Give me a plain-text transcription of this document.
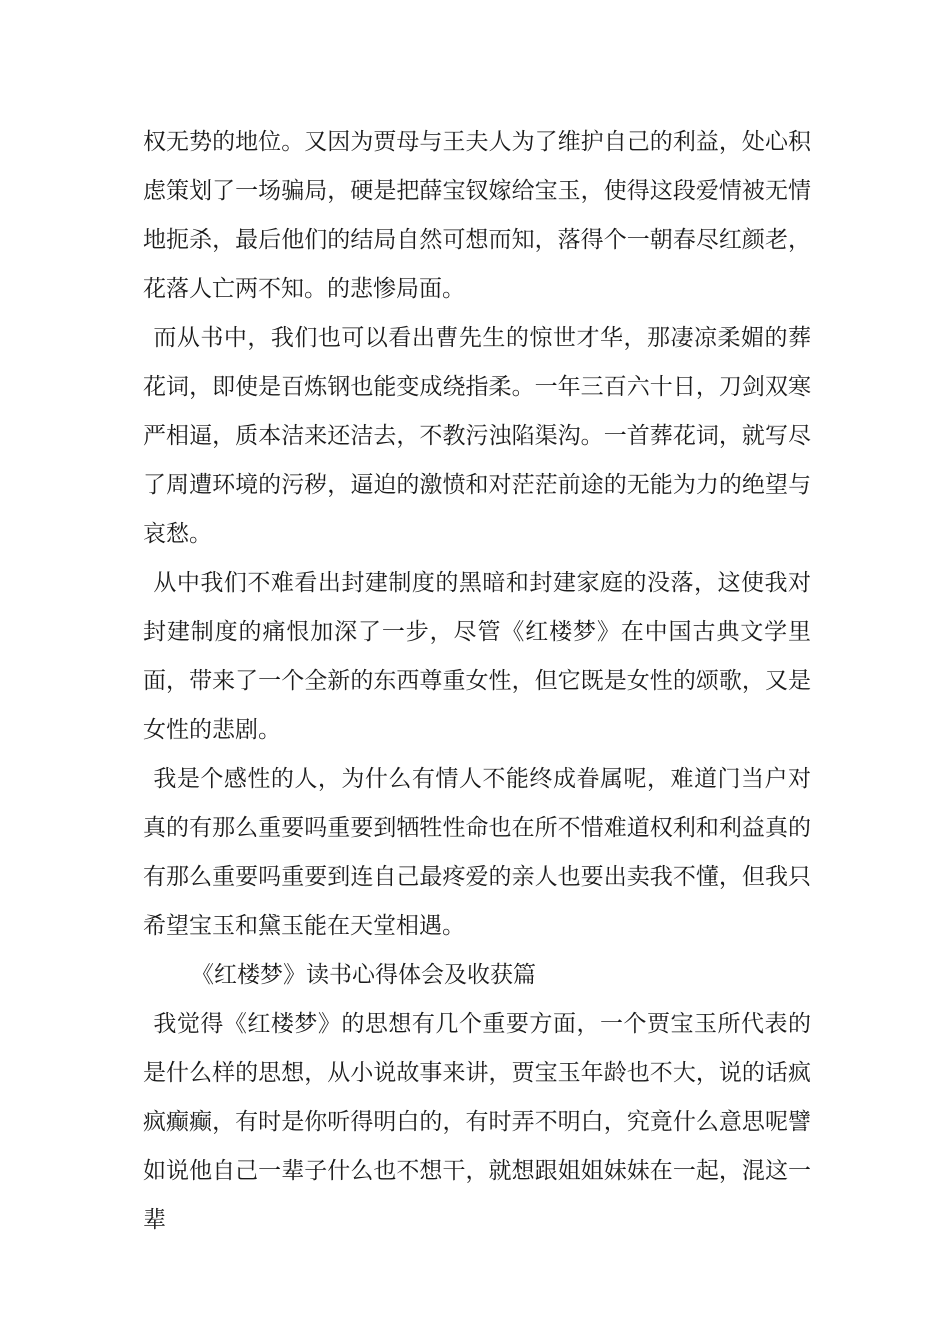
权无势的地位。又因为贾母与王夫人为了维护自己的利益，处心积虑策划了一场骗局，硬是把薛宝钗嫁给宝玉，使得这段爱情被无情地扼杀，最后他们的结局自然可想而知，落得个一朝春尽红颜老，花落人亡两不知。的悲惨局面。

而从书中，我们也可以看出曹先生的惊世才华，那凄凉柔媚的葬花词，即使是百炼钢也能变成绕指柔。一年三百六十日，刀剑双寒严相逼，质本洁来还洁去，不教污浊陷渠沟。一首葬花词，就写尽了周遭环境的污秽，逼迫的激愤和对茫茫前途的无能为力的绝望与哀愁。

从中我们不难看出封建制度的黑暗和封建家庭的没落，这使我对封建制度的痛恨加深了一步，尽管《红楼梦》在中国古典文学里面，带来了一个全新的东西尊重女性，但它既是女性的颂歌，又是女性的悲剧。

我是个感性的人，为什么有情人不能终成眷属呢，难道门当户对真的有那么重要吗重要到牺牲性命也在所不惜难道权利和利益真的有那么重要吗重要到连自己最疼爱的亲人也要出卖我不懂，但我只希望宝玉和黛玉能在天堂相遇。

《红楼梦》读书心得体会及收获篇

我觉得《红楼梦》的思想有几个重要方面，一个贾宝玉所代表的是什么样的思想，从小说故事来讲，贾宝玉年龄也不大，说的话疯疯癫癫，有时是你听得明白的，有时弄不明白，究竟什么意思呢譬如说他自己一辈子什么也不想干，就想跟姐姐妹妹在一起，混这一辈
